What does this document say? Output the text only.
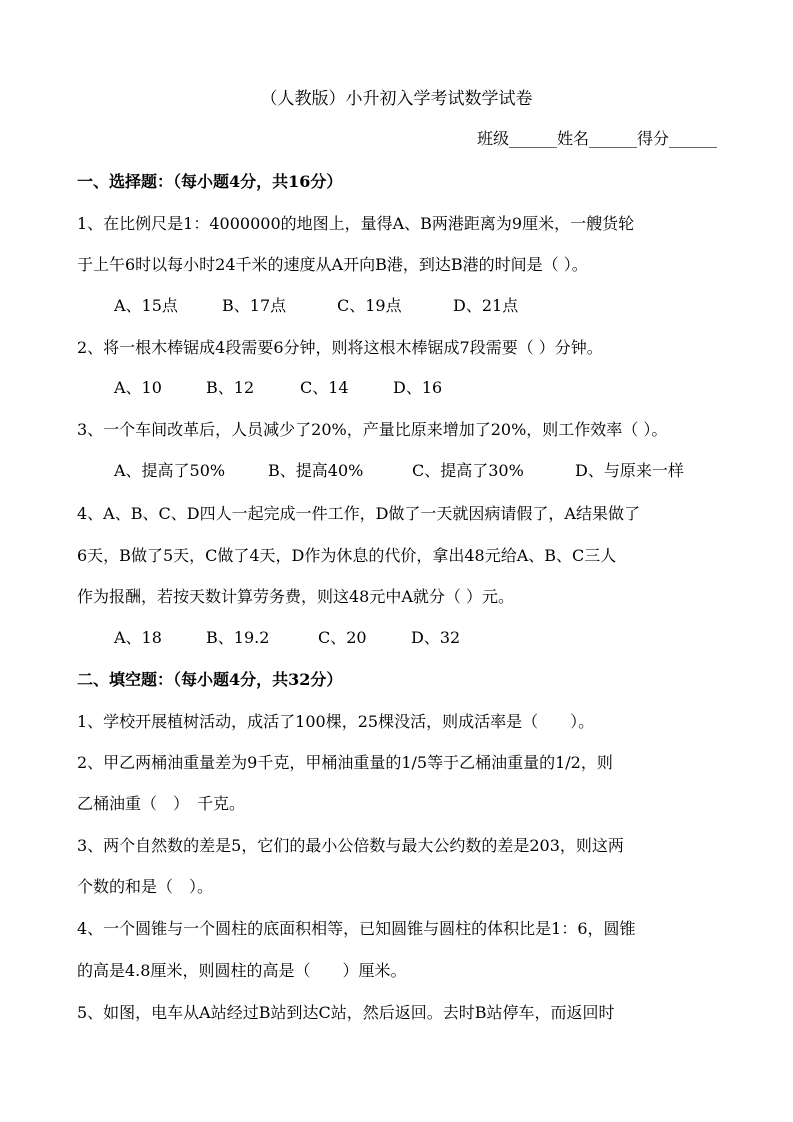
（人教版）小升初入学考试数学试卷
班级______姓名______得分______
一、选择题：（每小题4分，共16分）
1、在比例尺是1：4000000的地图上，量得A、B两港距离为9厘米，一艘货轮
于上午6时以每小时24千米的速度从A开向B港，到达B港的时间是（ ）。
A、15点	B、17点	C、19点	D、21点
2、将一根木棒锯成4段需要6分钟，则将这根木棒锯成7段需要（ ）分钟。
A、10	B、12	C、14	D、16
3、一个车间改革后，人员减少了20%，产量比原来增加了20%，则工作效率（ ）。
A、提高了50%	B、提高40%	C、提高了30%	D、与原来一样
4、A、B、C、D四人一起完成一件工作，D做了一天就因病请假了，A结果做了
6天，B做了5天，C做了4天，D作为休息的代价，拿出48元给A、B、C三人
作为报酬，若按天数计算劳务费，则这48元中A就分（ ）元。
A、18	B、19.2	C、20	D、32
二、填空题：（每小题4分，共32分）
1、学校开展植树活动，成活了100棵，25棵没活，则成活率是（　　）。
2、甲乙两桶油重量差为9千克，甲桶油重量的1/5等于乙桶油重量的1/2，则
乙桶油重（　）　千克。
3、两个自然数的差是5，它们的最小公倍数与最大公约数的差是203，则这两
个数的和是（　）。
4、一个圆锥与一个圆柱的底面积相等，已知圆锥与圆柱的体积比是1：6，圆锥
的高是4.8厘米，则圆柱的高是（　　）厘米。
5、如图，电车从A站经过B站到达C站，然后返回。去时B站停车，而返回时
